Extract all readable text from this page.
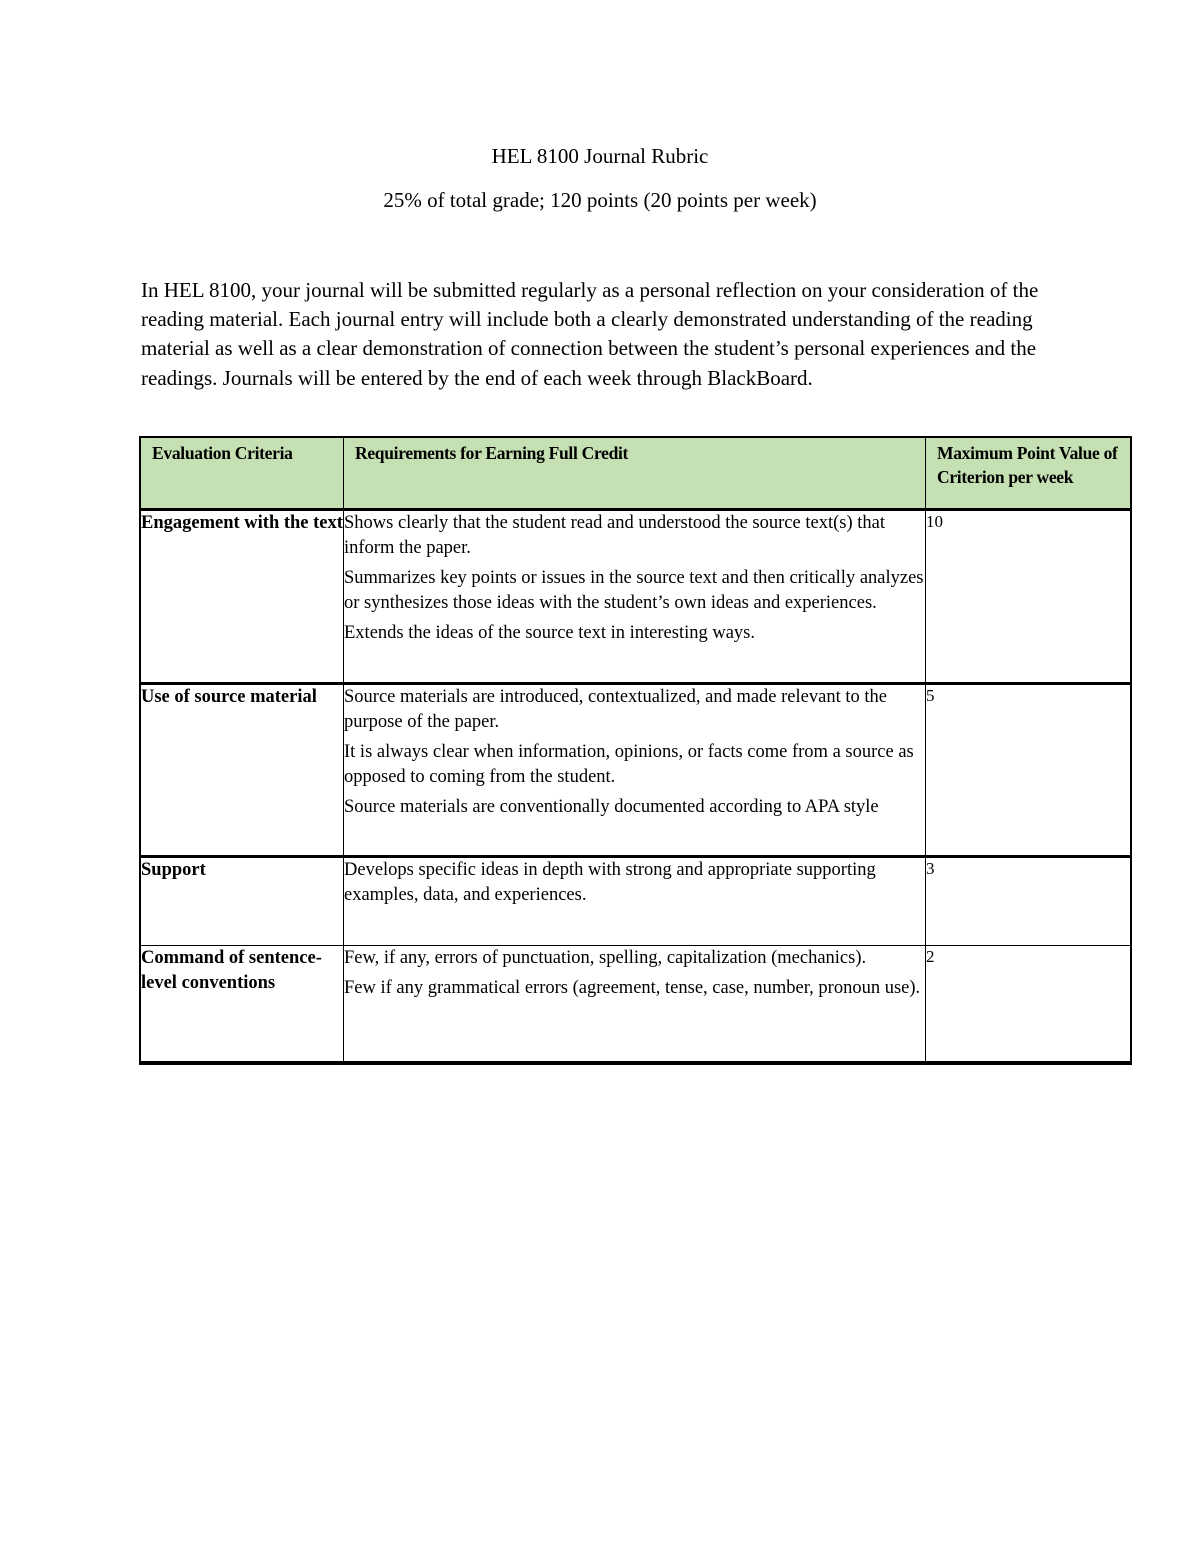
HEL 8100 Journal Rubric
25% of total grade; 120 points (20 points per week)

In HEL 8100, your journal will be submitted regularly as a personal reflection on your consideration of the reading material. Each journal entry will include both a clearly demonstrated understanding of the reading material as well as a clear demonstration of connection between the student’s personal experiences and the readings. Journals will be entered by the end of each week through BlackBoard.

Evaluation Criteria	Requirements for Earning Full Credit	Maximum Point Value of Criterion per week
Engagement with the text	Shows clearly that the student read and understood the source text(s) that inform the paper.

Summarizes key points or issues in the source text and then critically analyzes or synthesizes those ideas with the student’s own ideas and experiences.

Extends the ideas of the source text in interesting ways.	10
Use of source material	Source materials are introduced, contextualized, and made relevant to the purpose of the paper.

It is always clear when information, opinions, or facts come from a source as opposed to coming from the student.

Source materials are conventionally documented according to APA style	5
Support	Develops specific ideas in depth with strong and appropriate supporting examples, data, and experiences.	3
Command of sentence-level conventions	Few, if any, errors of punctuation, spelling, capitalization (mechanics).

Few if any grammatical errors (agreement, tense, case, number, pronoun use).	2
